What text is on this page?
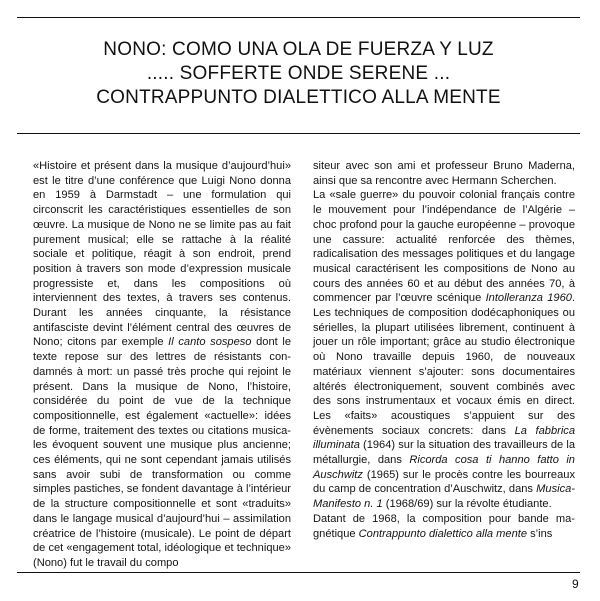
NONO: COMO UNA OLA DE FUERZA Y LUZ
..... SOFFERTE ONDE SERENE ...
CONTRAPPUNTO DIALETTICO ALLA MENTE

«Histoire et présent dans la musique d’aujourd’hui» est le titre d’une conférence que Luigi Nono donna en 1959 à Darmstadt – une formulation qui circonscrit les caractéristiques essentielles de son œuvre. La musique de Nono ne se limite pas au fait purement musical; elle se rattache à la réalité sociale et politique, réagit à son endroit, prend position à travers son mode d’expression musicale progressiste et, dans les compositions où interviennent des textes, à travers ses contenus. Durant les années cinquante, la résistance antifasciste devint l’élément central des œuvres de Nono; citons par exemple Il canto sospeso dont le texte repose sur des lettres de résistants condamnés à mort: un passé très proche qui rejoint le présent. Dans la musique de Nono, l’histoire, considérée du point de vue de la technique compositionnelle, est également «actuelle»: idées de forme, traitement des textes ou citations musicales évoquent souvent une musique plus ancienne; ces éléments, qui ne sont cependant jamais utilisés sans avoir subi de transformation ou comme simples pastiches, se fondent davantage à l’intérieur de la structure compositionnelle et sont «traduits» dans le langage musical d’aujourd’hui – assimilation créatrice de l’histoire (musicale). Le point de départ de cet «engagement total, idéologique et technique» (Nono) fut le travail du compo

siteur avec son ami et professeur Bruno Maderna, ainsi que sa rencontre avec Hermann Scherchen.

La «sale guerre» du pouvoir colonial français contre le mouvement pour l’indépendance de l’Algérie – choc profond pour la gauche européenne – provoque une cassure: actualité renforcée des thèmes, radicalisation des messages politiques et du langage musical caractérisent les compositions de Nono au cours des années 60 et au début des années 70, à commencer par l’œuvre scénique Intolleranza 1960. Les techniques de composition dodécaphoniques ou sérielles, la plupart utilisées librement, continuent à jouer un rôle important; grâce au studio électronique où Nono travaille depuis 1960, de nouveaux matériaux viennent s’ajouter: sons documentaires altérés électroniquement, souvent combinés avec des sons instrumentaux et vocaux émis en direct. Les «faits» acoustiques s’appuient sur des évènements sociaux concrets: dans La fabbrica illuminata (1964) sur la situation des travailleurs de la métallurgie, dans Ricorda cosa ti hanno fatto in Auschwitz (1965) sur le procès contre les bourreaux du camp de concentration d’Auschwitz, dans Musica-Manifesto n. 1 (1968/69) sur la révolte étudiante.

Datant de 1968, la composition pour bande magnétique Contrappunto dialettico alla mente s’ins

9
